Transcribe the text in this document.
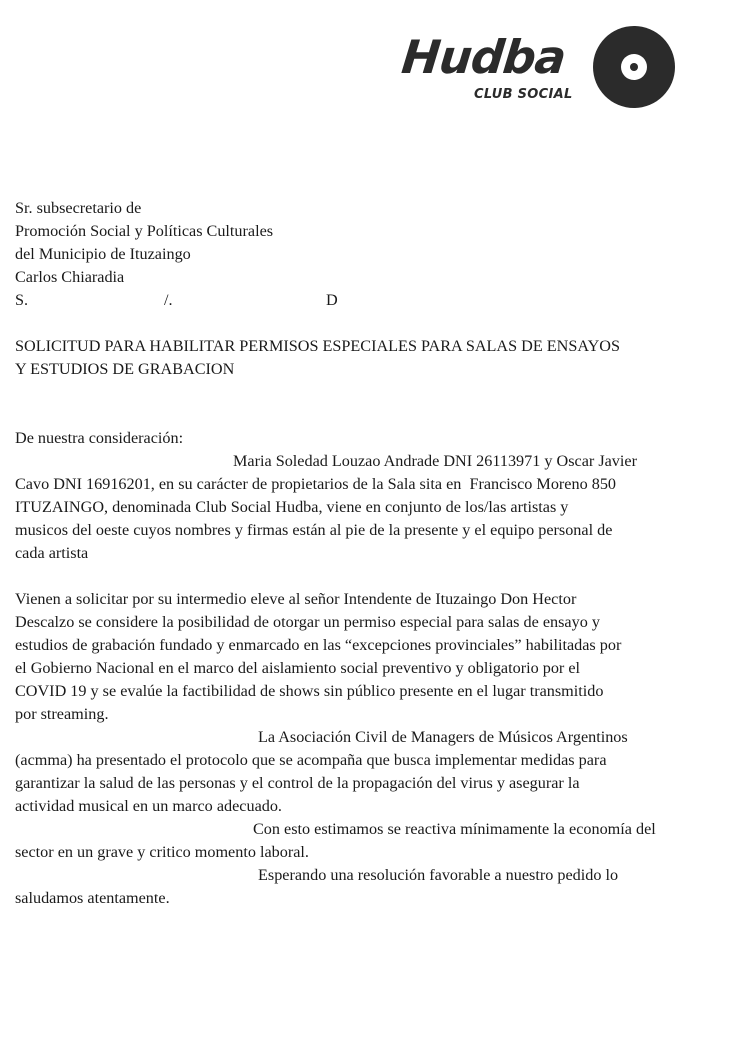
Hudba
CLUB SOCIAL
Sr. subsecretario de
Promoción Social y Políticas Culturales
del Municipio de Ituzaingo
Carlos Chiaradia
S.	/.	D
SOLICITUD PARA HABILITAR PERMISOS ESPECIALES PARA SALAS DE ENSAYOS
Y ESTUDIOS DE GRABACION
De nuestra consideración:
Maria Soledad Louzao Andrade DNI 26113971 y Oscar Javier
Cavo DNI 16916201, en su carácter de propietarios de la Sala sita en  Francisco Moreno 850
ITUZAINGO, denominada Club Social Hudba, viene en conjunto de los/las artistas y
musicos del oeste cuyos nombres y firmas están al pie de la presente y el equipo personal de
cada artista
Vienen a solicitar por su intermedio eleve al señor Intendente de Ituzaingo Don Hector
Descalzo se considere la posibilidad de otorgar un permiso especial para salas de ensayo y
estudios de grabación fundado y enmarcado en las “excepciones provinciales” habilitadas por
el Gobierno Nacional en el marco del aislamiento social preventivo y obligatorio por el
COVID 19 y se evalúe la factibilidad de shows sin público presente en el lugar transmitido
por streaming.
La Asociación Civil de Managers de Músicos Argentinos
(acmma) ha presentado el protocolo que se acompaña que busca implementar medidas para
garantizar la salud de las personas y el control de la propagación del virus y asegurar la
actividad musical en un marco adecuado.
Con esto estimamos se reactiva mínimamente la economía del
sector en un grave y critico momento laboral.
Esperando una resolución favorable a nuestro pedido lo
saludamos atentamente.
